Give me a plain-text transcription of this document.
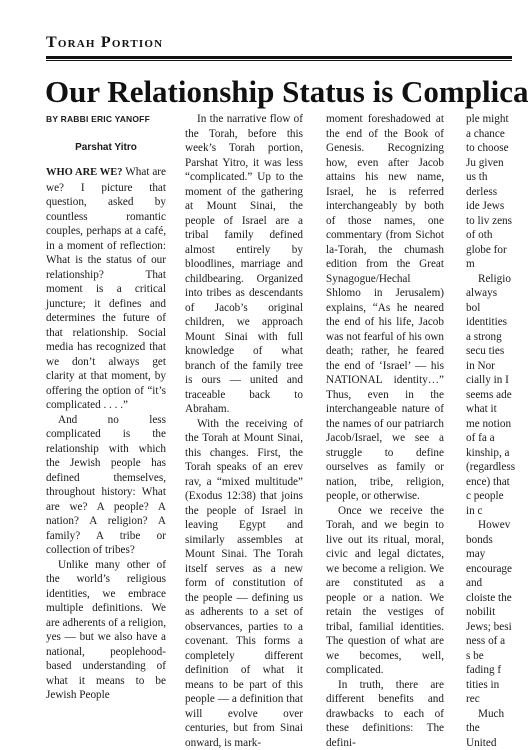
Torah Portion
Our Relationship Status is Complica
BY RABBI ERIC YANOFF
Parshat Yitro

WHO ARE WE? What are we? I picture that question, asked by countless romantic couples, perhaps at a café, in a moment of reflection: What is the status of our relationship? That moment is a critical juncture; it defines and determines the future of that relationship. Social media has recognized that we don’t always get clarity at that moment, by offering the option of “it’s complicated . . . .”

And no less complicated is the relationship with which the Jewish people has defined themselves, throughout history: What are we? A people? A nation? A religion? A family? A tribe or collection of tribes?

Unlike many other of the world’s religious identities, we embrace multiple definitions. We are adherents of a religion, yes — but we also have a national, peoplehood-based understanding of what it means to be Jewish People

In the narrative flow of the Torah, before this week’s Torah portion, Parshat Yitro, it was less “complicated.” Up to the moment of the gathering at Mount Sinai, the people of Israel are a tribal family defined almost entirely by bloodlines, marriage and childbearing. Organized into tribes as descendants of Jacob’s original children, we approach Mount Sinai with full knowledge of what branch of the family tree is ours — united and traceable back to Abraham.

With the receiving of the Torah at Mount Sinai, this changes. First, the Torah speaks of an erev rav, a “mixed multitude” (Exodus 12:38) that joins the people of Israel in leaving Egypt and similarly assembles at Mount Sinai. The Torah itself serves as a new form of constitution of the people — defining us as adherents to a set of observances, parties to a covenant. This forms a completely different definition of what it means to be part of this people — a definition that will evolve over centuries, but from Sinai onward, is mark-

moment foreshadowed at the end of the Book of Genesis. Recognizing how, even after Jacob attains his new name, Israel, he is referred interchangeably by both of those names, one commentary (from Sichot la-Torah, the chumash edition from the Great Synagogue/Hechal Shlomo in Jerusalem) explains, “As he neared the end of his life, Jacob was not fearful of his own death; rather, he feared the end of ‘Israel’ — his NATIONAL identity…” Thus, even in the interchangeable nature of the names of our patriarch Jacob/Israel, we see a struggle to define ourselves as family or nation, tribe, religion, people, or otherwise.

Once we receive the Torah, and we begin to live out its ritual, moral, civic and legal dictates, we become a religion. We are constituted as a people or a nation. We retain the vestiges of tribal, familial identities. The question of what are we becomes, well, complicated.

In truth, there are different benefits and drawbacks to each of these definitions: The defini-

ple might a chance to choose Ju given us th derless ide Jews to liv zens of oth globe for m

Religio always bol identities a strong secu ties in Nor cially in I seems ade what it me notion of fa a kinship, a (regardless ence) that c people in c

Howev bonds may encourage and cloiste the nobilit Jews; besi ness of a s be fading f tities in rec

Much the United
